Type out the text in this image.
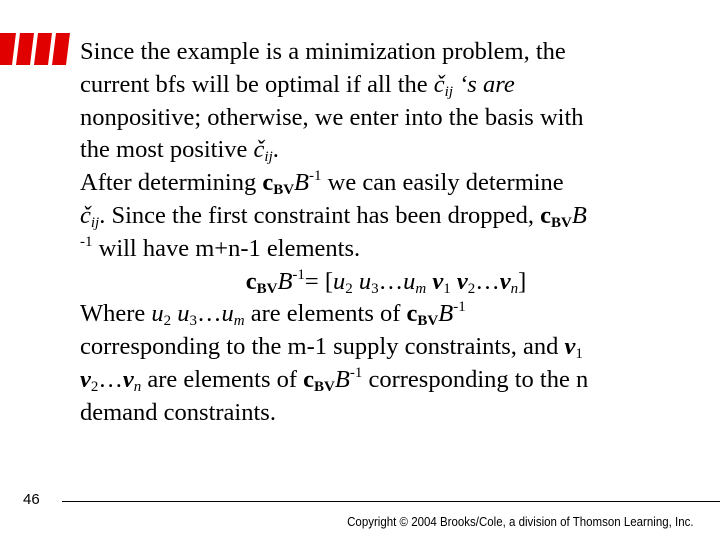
Since the example is a minimization problem, the
current bfs will be optimal if all the $č_{ij}$ ‘s are
nonpositive; otherwise, we enter into the basis with
the most positive $č_{ij}$.
After determining $c_{BV}B^{-1}$ we can easily determine
$č_{ij}$. Since the first constraint has been dropped, $c_{BV}B$
$^{-1}$ will have m+n-1 elements.
$c_{BV}B^{-1}= [u_2$ $u_3\dots u_m$ $v_1$ $v_2\dots v_n$]
Where $u_2$ $u_3\dots u_m$ are elements of $c_{BV}B^{-1}$
corresponding to the m-1 supply constraints, and $v_1$
$v_2\dots v_n$ are elements of $c_{BV}B^{-1}$ corresponding to the n
demand constraints.
46
Copyright © 2004 Brooks/Cole, a division of Thomson Learning, Inc.
